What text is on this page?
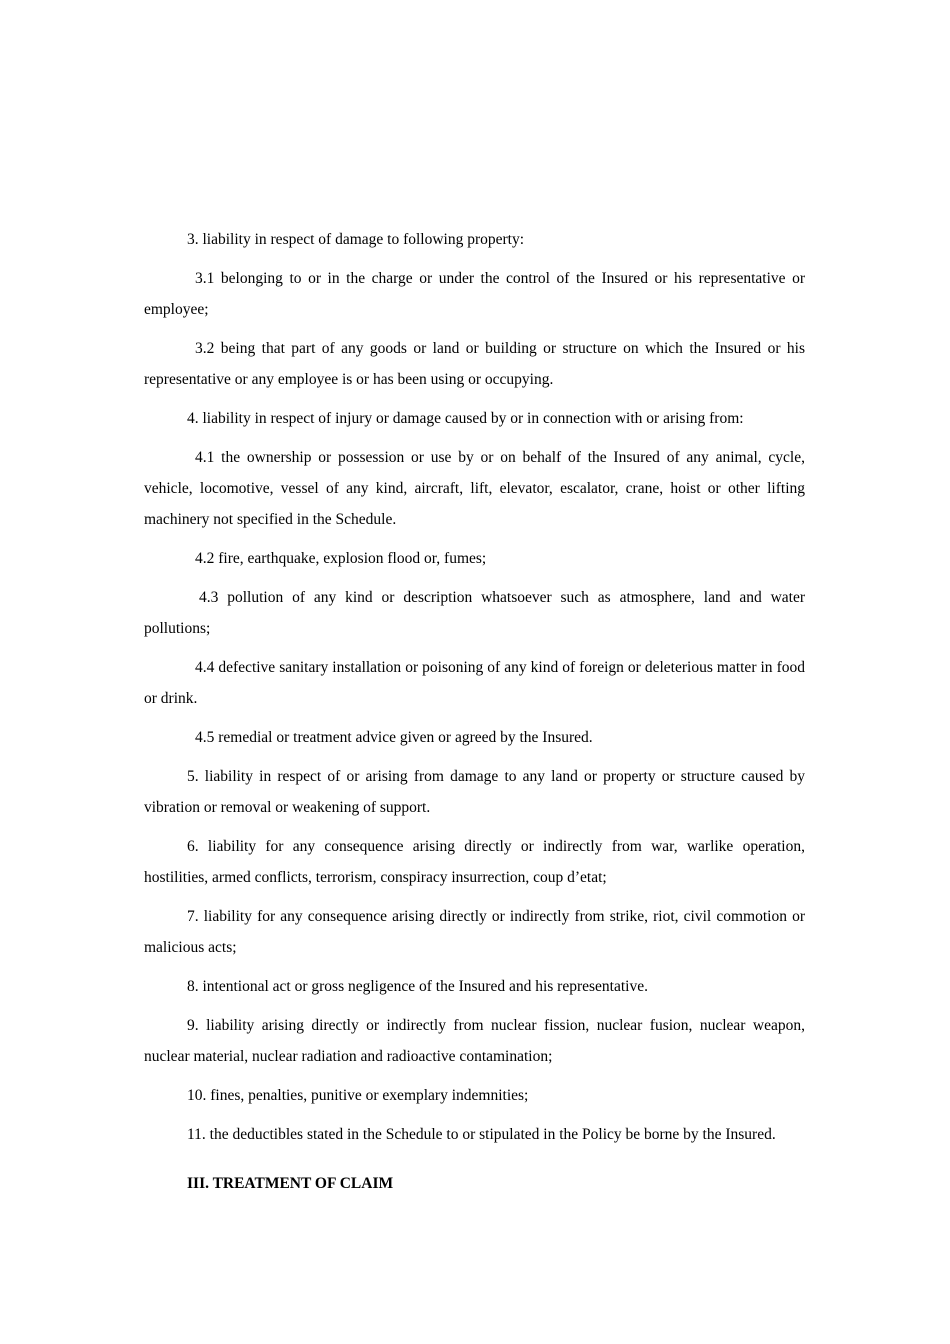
3. liability in respect of damage to following property:

3.1 belonging to or in the charge or under the control of the Insured or his representative or employee;

3.2 being that part of any goods or land or building or structure on which the Insured or his representative or any employee is or has been using or occupying.

4. liability in respect of injury or damage caused by or in connection with or arising from:

4.1 the ownership or possession or use by or on behalf of the Insured of any animal, cycle, vehicle, locomotive, vessel of any kind, aircraft, lift, elevator, escalator, crane, hoist or other lifting machinery not specified in the Schedule.

4.2 fire, earthquake, explosion flood or, fumes;

4.3 pollution of any kind or description whatsoever such as atmosphere, land and water pollutions;

4.4 defective sanitary installation or poisoning of any kind of foreign or deleterious matter in food or drink.

4.5 remedial or treatment advice given or agreed by the Insured.

5. liability in respect of or arising from damage to any land or property or structure caused by vibration or removal or weakening of support.

6. liability for any consequence arising directly or indirectly from war, warlike operation, hostilities, armed conflicts, terrorism, conspiracy insurrection, coup d’etat;

7. liability for any consequence arising directly or indirectly from strike, riot, civil commotion or malicious acts;

8. intentional act or gross negligence of the Insured and his representative.

9. liability arising directly or indirectly from nuclear fission, nuclear fusion, nuclear weapon, nuclear material, nuclear radiation and radioactive contamination;

10. fines, penalties, punitive or exemplary indemnities;

11. the deductibles stated in the Schedule to or stipulated in the Policy be borne by the Insured.

III. TREATMENT OF CLAIM
